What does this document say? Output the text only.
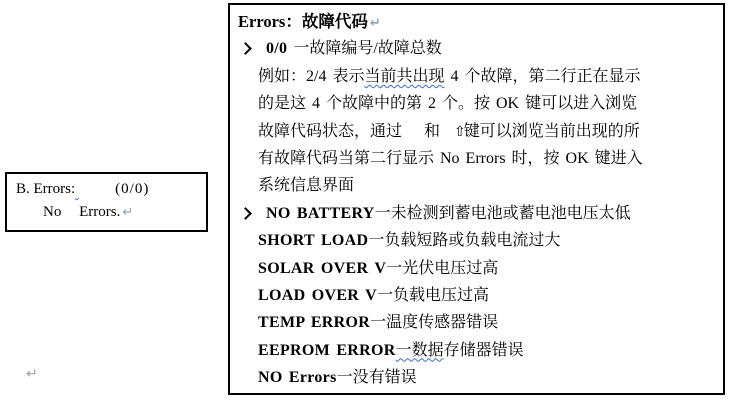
B. Errors:	(0/0)
No Errors. ↵
↵
Errors：故障代码 ↵
0/0 一故障编号/故障总数
例如：2/4 表示当前共出现 4 个故障，第二行正在显示
的是这 4 个故障中的第 2 个。按 OK 键可以进入浏览
故障代码状态，通过 和 ⇧键可以浏览当前出现的所
有故障代码当第二行显示 No Errors 时，按 OK 键进入
系统信息界面
NO BATTERY一未检测到蓄电池或蓄电池电压太低
SHORT LOAD一负载短路或负载电流过大
SOLAR OVER V一光伏电压过高
LOAD OVER V一负载电压过高
TEMP ERROR一温度传感器错误
EEPROM ERROR一数据存储器错误
NO Errors一没有错误
